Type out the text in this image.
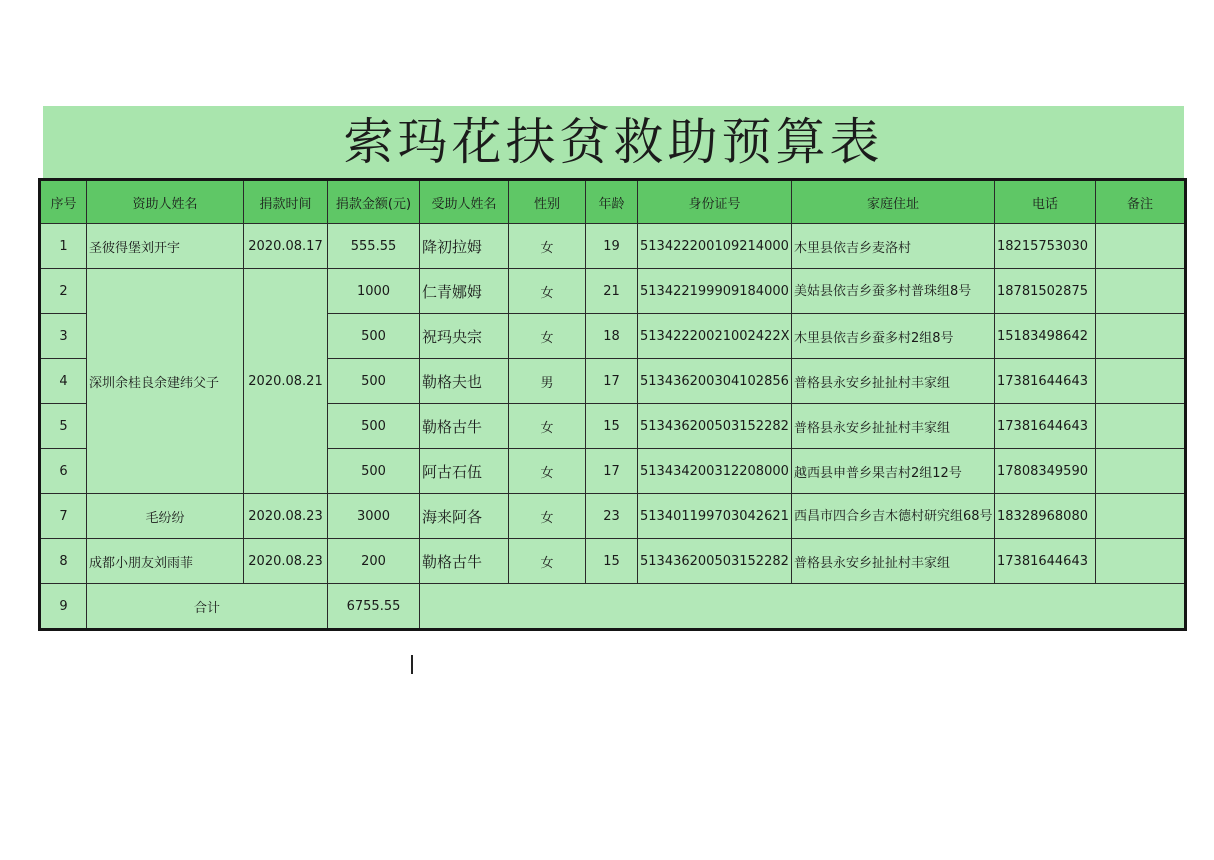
索玛花扶贫救助预算表
序号	资助人姓名	捐款时间	捐款金额(元)	受助人姓名	性别	年龄	身份证号	家庭住址	电话	备注
1	圣彼得堡刘开宇	2020.08.17	555.55	降初拉姆	女	19	513422200109214000	木里县依吉乡麦洛村	18215753030	
2	深圳余桂良余建纬父子	2020.08.21	1000	仁青娜姆	女	21	513422199909184000	美姑县依吉乡蚕多村普珠组8号	18781502875	
3			500	祝玛央宗	女	18	51342220021002422X	木里县依吉乡蚕多村2组8号	15183498642	
4			500	勒格夫也	男	17	513436200304102856	普格县永安乡扯扯村丰家组	17381644643	
5			500	勒格古牛	女	15	513436200503152282	普格县永安乡扯扯村丰家组	17381644643	
6			500	阿古石伍	女	17	513434200312208000	越西县申普乡果吉村2组12号	17808349590	
7	毛纷纷	2020.08.23	3000	海来阿各	女	23	513401199703042621	西昌市四合乡吉木德村研究组68号	18328968080	
8	成都小朋友刘雨菲	2020.08.23	200	勒格古牛	女	15	513436200503152282	普格县永安乡扯扯村丰家组	17381644643	
9	合计		6755.55							
